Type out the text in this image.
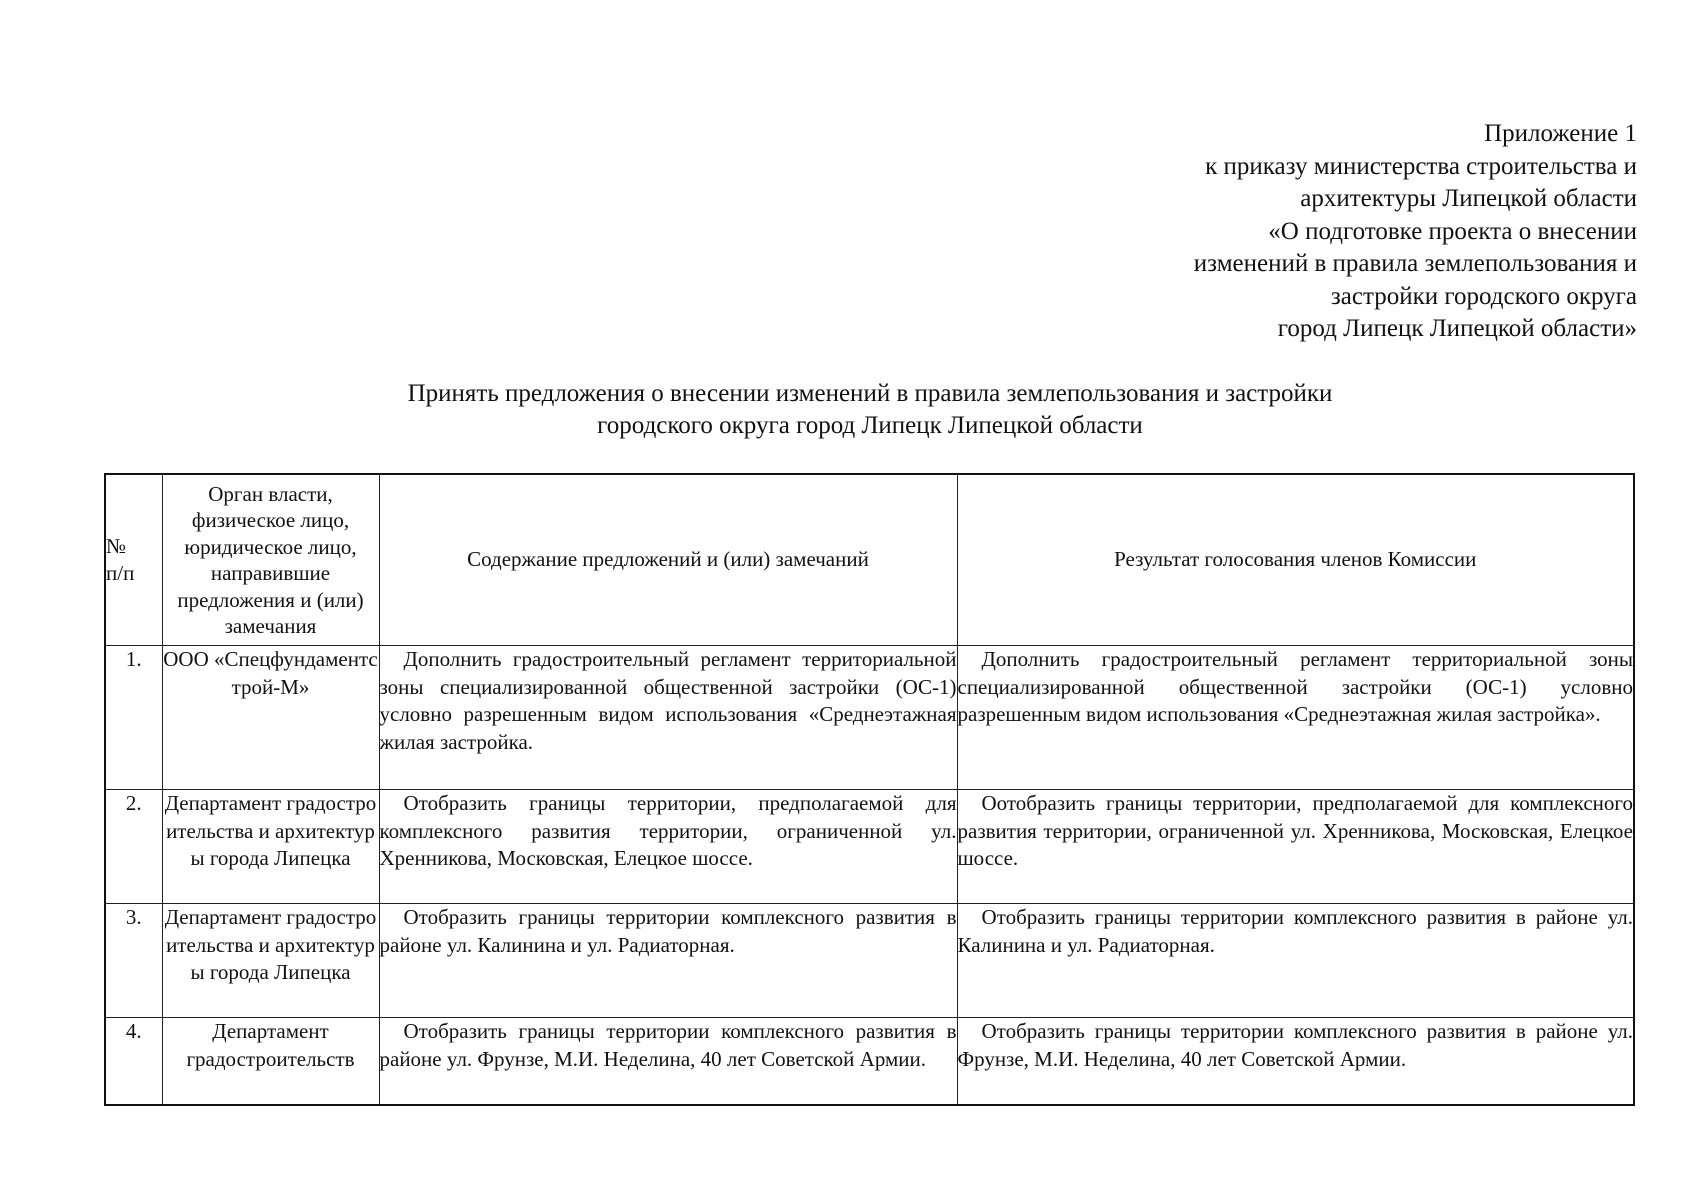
Приложение 1
к приказу министерства строительства и
архитектуры Липецкой области
«О подготовке проекта о внесении
изменений в правила землепользования и
застройки городского округа
город Липецк Липецкой области»
Принять предложения о внесении изменений в правила землепользования и застройки
городского округа город Липецк Липецкой области
№
п/п	Орган власти, физическое лицо, юридическое лицо, направившие предложения и (или) замечания	Содержание предложений и (или) замечаний	Результат голосования членов Комиссии
1.	ООО «Спецфундаментстрой-М»	Дополнить градостроительный регламент территориальной зоны специализированной общественной застройки (ОС-1) условно разрешенным видом использования «Среднеэтажная жилая застройка.	Дополнить градостроительный регламент территориальной зоны специализированной общественной застройки (ОС-1) условно разрешенным видом использования «Среднеэтажная жилая застройка».
2.	Департамент градостроительства и архитектуры города Липецка	Отобразить границы территории, предполагаемой для комплексного развития территории, ограниченной ул. Хренникова, Московская, Елецкое шоссе.	Оотобразить границы территории, предполагаемой для комплексного развития территории, ограниченной ул. Хренникова, Московская, Елецкое шоссе.
3.	Департамент градостроительства и архитектуры города Липецка	Отобразить границы территории комплексного развития в районе ул. Калинина и ул. Радиаторная.	Отобразить границы территории комплексного развития в районе ул. Калинина и ул. Радиаторная.
4.	Департамент градостроительств	Отобразить границы территории комплексного развития в районе ул. Фрунзе, М.И. Неделина, 40 лет Советской Армии.	Отобразить границы территории комплексного развития в районе ул. Фрунзе, М.И. Неделина, 40 лет Советской Армии.
